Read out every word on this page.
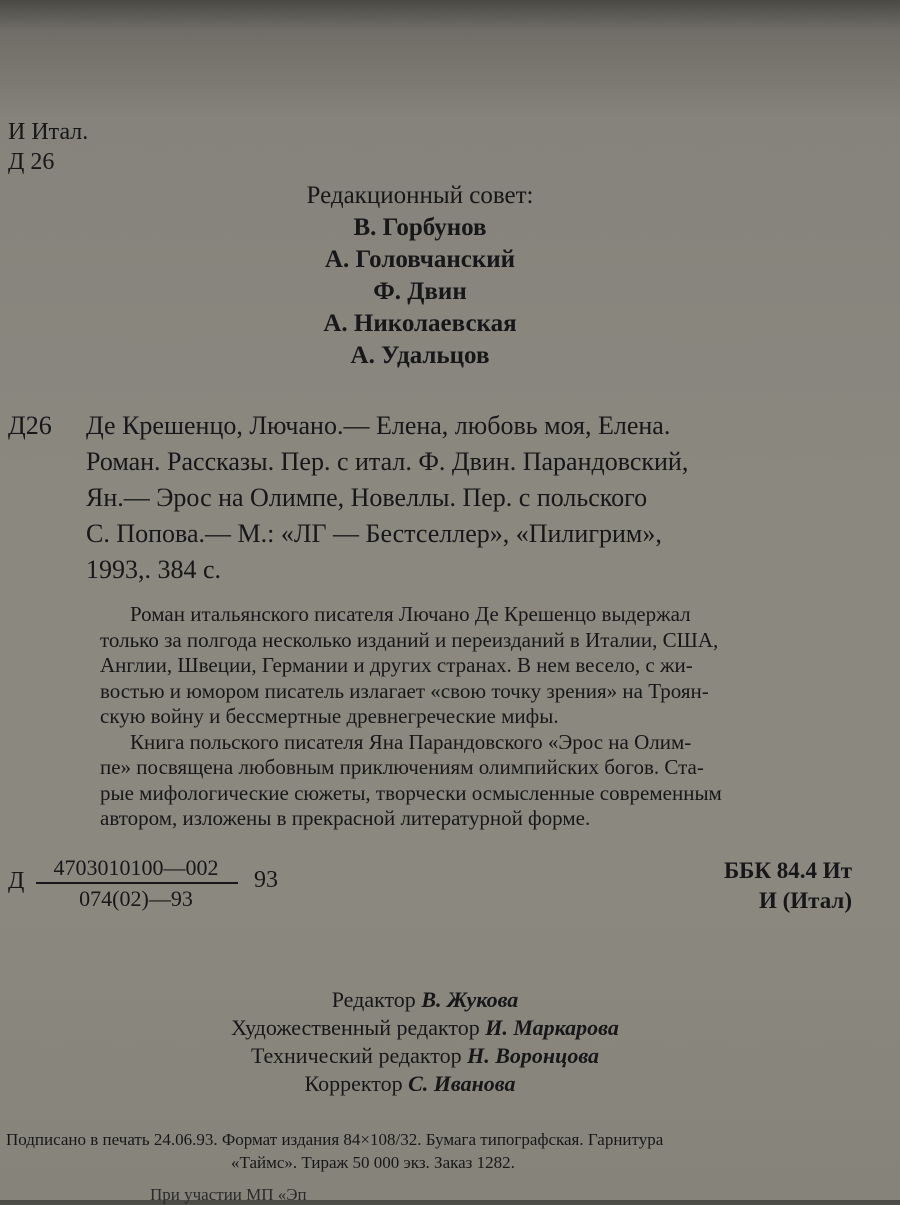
И Итал.
Д 26
Редакционный совет:
В. Горбунов
А. Головчанский
Ф. Двин
А. Николаевская
А. Удальцов
Д26 Де Крешенцо, Лючано.— Елена, любовь моя, Елена.
Роман. Рассказы. Пер. с итал. Ф. Двин. Парандовский,
Ян.— Эрос на Олимпе, Новеллы. Пер. с польского
С. Попова.— М.: «ЛГ — Бестселлер», «Пилигрим»,
1993,. 384 с.
Роман итальянского писателя Лючано Де Крешенцо выдержал
только за полгода несколько изданий и переизданий в Италии, США,
Англии, Швеции, Германии и других странах. В нем весело, с жи-
востью и юмором писатель излагает «свою точку зрения» на Троян-
скую войну и бессмертные древнегреческие мифы.
Книга польского писателя Яна Парандовского «Эрос на Олим-
пе» посвящена любовным приключениям олимпийских богов. Ста-
рые мифологические сюжеты, творчески осмысленные современным
автором, изложены в прекрасной литературной форме.
Д
4703010100—002
074(02)—93
93	ББК 84.4 Ит
И (Итал)
Редактор В. Жукова
Художественный редактор И. Маркарова
Технический редактор Н. Воронцова
Корректор С. Иванова
Подписано в печать 24.06.93. Формат издания 84×108/32. Бумага типографская. Гарнитура
«Таймс». Тираж 50 000 экз. Заказ 1282.
При участии МП «Эп
